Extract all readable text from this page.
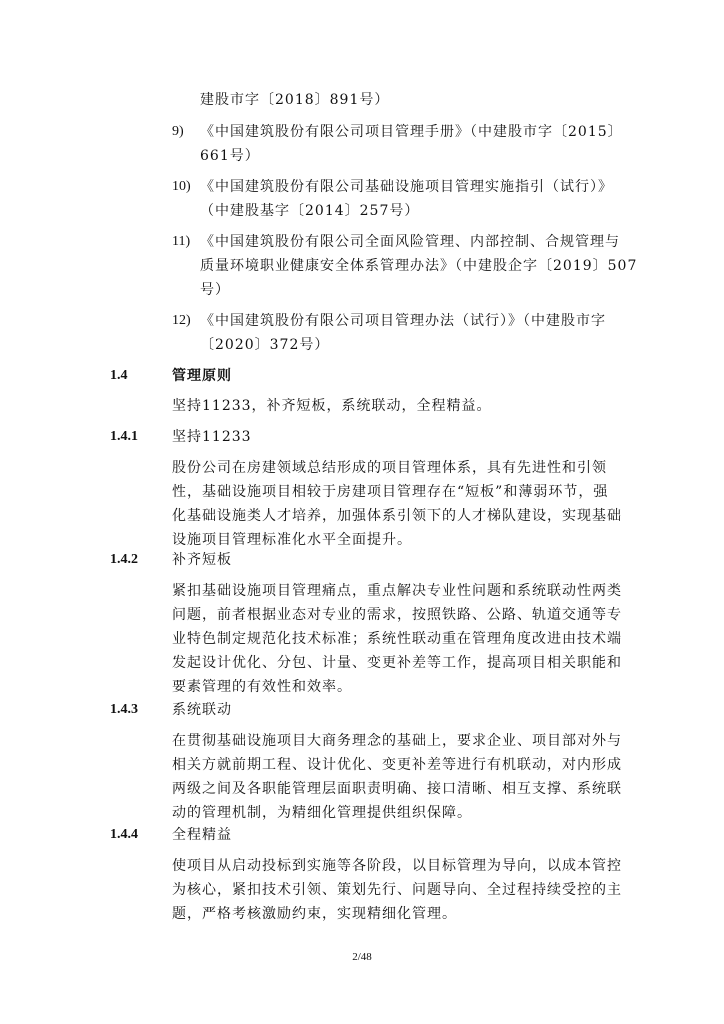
建股市字〔2018〕891号）
9) 《中国建筑股份有限公司项目管理手册》（中建股市字〔2015〕
661号）
10) 《中国建筑股份有限公司基础设施项目管理实施指引（试行）》
（中建股基字〔2014〕257号）
11) 《中国建筑股份有限公司全面风险管理、内部控制、合规管理与
质量环境职业健康安全体系管理办法》（中建股企字〔2019〕507
号）
12) 《中国建筑股份有限公司项目管理办法（试行）》（中建股市字
〔2020〕372号）
1.4	管理原则
坚持11233，补齐短板，系统联动，全程精益。
1.4.1 坚持11233
股份公司在房建领域总结形成的项目管理体系，具有先进性和引领
性，基础设施项目相较于房建项目管理存在“短板”和薄弱环节，强
化基础设施类人才培养，加强体系引领下的人才梯队建设，实现基础
设施项目管理标准化水平全面提升。
1.4.2 补齐短板
紧扣基础设施项目管理痛点，重点解决专业性问题和系统联动性两类
问题，前者根据业态对专业的需求，按照铁路、公路、轨道交通等专
业特色制定规范化技术标准；系统性联动重在管理角度改进由技术端
发起设计优化、分包、计量、变更补差等工作，提高项目相关职能和
要素管理的有效性和效率。
1.4.3 系统联动
在贯彻基础设施项目大商务理念的基础上，要求企业、项目部对外与
相关方就前期工程、设计优化、变更补差等进行有机联动，对内形成
两级之间及各职能管理层面职责明确、接口清晰、相互支撑、系统联
动的管理机制，为精细化管理提供组织保障。
1.4.4 全程精益
使项目从启动投标到实施等各阶段，以目标管理为导向，以成本管控
为核心，紧扣技术引领、策划先行、问题导向、全过程持续受控的主
题，严格考核激励约束，实现精细化管理。
2/48
